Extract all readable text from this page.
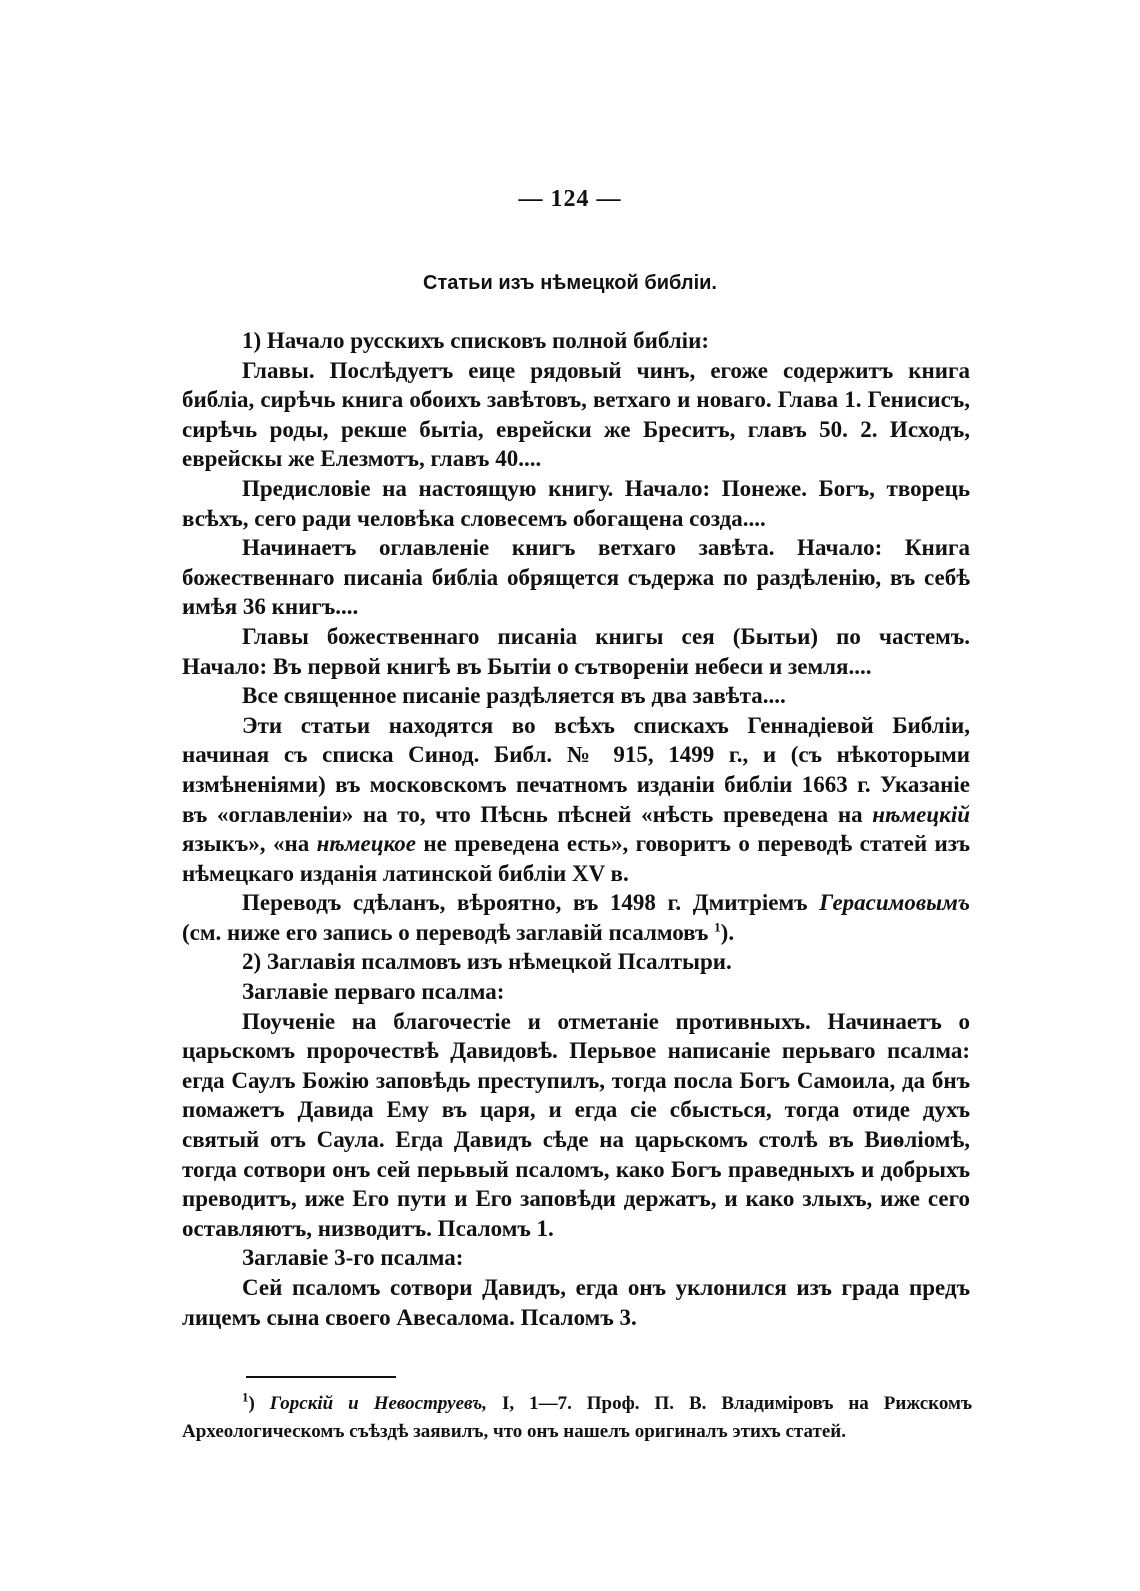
— 124 —
Статьи изъ нѣмецкой библіи.

1) Начало русскихъ списковъ полной библіи:

Главы. Послѣдуетъ еице рядовый чинъ, егоже содержитъ книга библіа, сирѣчь книга обоихъ завѣтовъ, ветхаго и новаго. Глава 1. Генисисъ, сирѣчь роды, рекше бытіа, еврейски же Бреситъ, главъ 50. 2. Исходъ, еврейскы же Елезмотъ, главъ 40....

Предисловіе на настоящую книгу. Начало: Понеже. Богъ, творець всѣхъ, сего ради человѣка словесемъ обогащена созда....

Начинаетъ оглавленіе книгъ ветхаго завѣта. Начало: Книга божественнаго писаніа библіа обрящется съдержа по раздѣленію, въ себѣ имѣя 36 книгъ....

Главы божественнаго писаніа книгы сея (Бытьи) по частемъ. Начало: Въ первой книгѣ въ Бытіи о сътвореніи небеси и земля....

Все священное писаніе раздѣляется въ два завѣта....

Эти статьи находятся во всѣхъ спискахъ Геннадіевой Библіи, начиная съ списка Синод. Библ. № 915, 1499 г., и (съ нѣкоторыми измѣненіями) въ московскомъ печатномъ изданіи библіи 1663 г. Указаніе въ «оглавленіи» на то, что Пѣснь пѣсней «нѣсть преведена на нѣмецкій языкъ», «на нѣмецкое не преведена есть», говоритъ о переводѣ статей изъ нѣмецкаго изданія латинской библіи XV в.

Переводъ сдѣланъ, вѣроятно, въ 1498 г. Дмитріемъ Герасимовымъ (см. ниже его запись о переводѣ заглавій псалмовъ $^1$).

2) Заглавія псалмовъ изъ нѣмецкой Псалтыри.

Заглавіе перваго псалма:

Поученіе на благочестіе и отметаніе противныхъ. Начинаетъ о царьскомъ пророчествѣ Давидовѣ. Перьвое написаніе перьваго псалма: егда Саулъ Божію заповѣдь преступилъ, тогда посла Богъ Самоила, да бнъ помажетъ Давида Ему въ царя, и егда сіе сбысться, тогда отиде духъ святый отъ Саула. Егда Давидъ сѣде на царьскомъ столѣ въ Виѳліомѣ, тогда сотвори онъ сей перьвый псаломъ, како Богъ праведныхъ и добрыхъ преводитъ, иже Его пути и Его заповѣди держатъ, и како злыхъ, иже сего оставляютъ, низводитъ. Псаломъ 1.

Заглавіе 3-го псалма:

Сей псаломъ сотвори Давидъ, егда онъ уклонился изъ града предъ лицемъ сына своего Авесалома. Псаломъ 3.

$^1$) Горскій и Невоструевъ, I, 1—7. Проф. П. В. Владиміровъ на Рижскомъ Археологическомъ съѣздѣ заявилъ, что онъ нашелъ оригиналъ этихъ статей.
